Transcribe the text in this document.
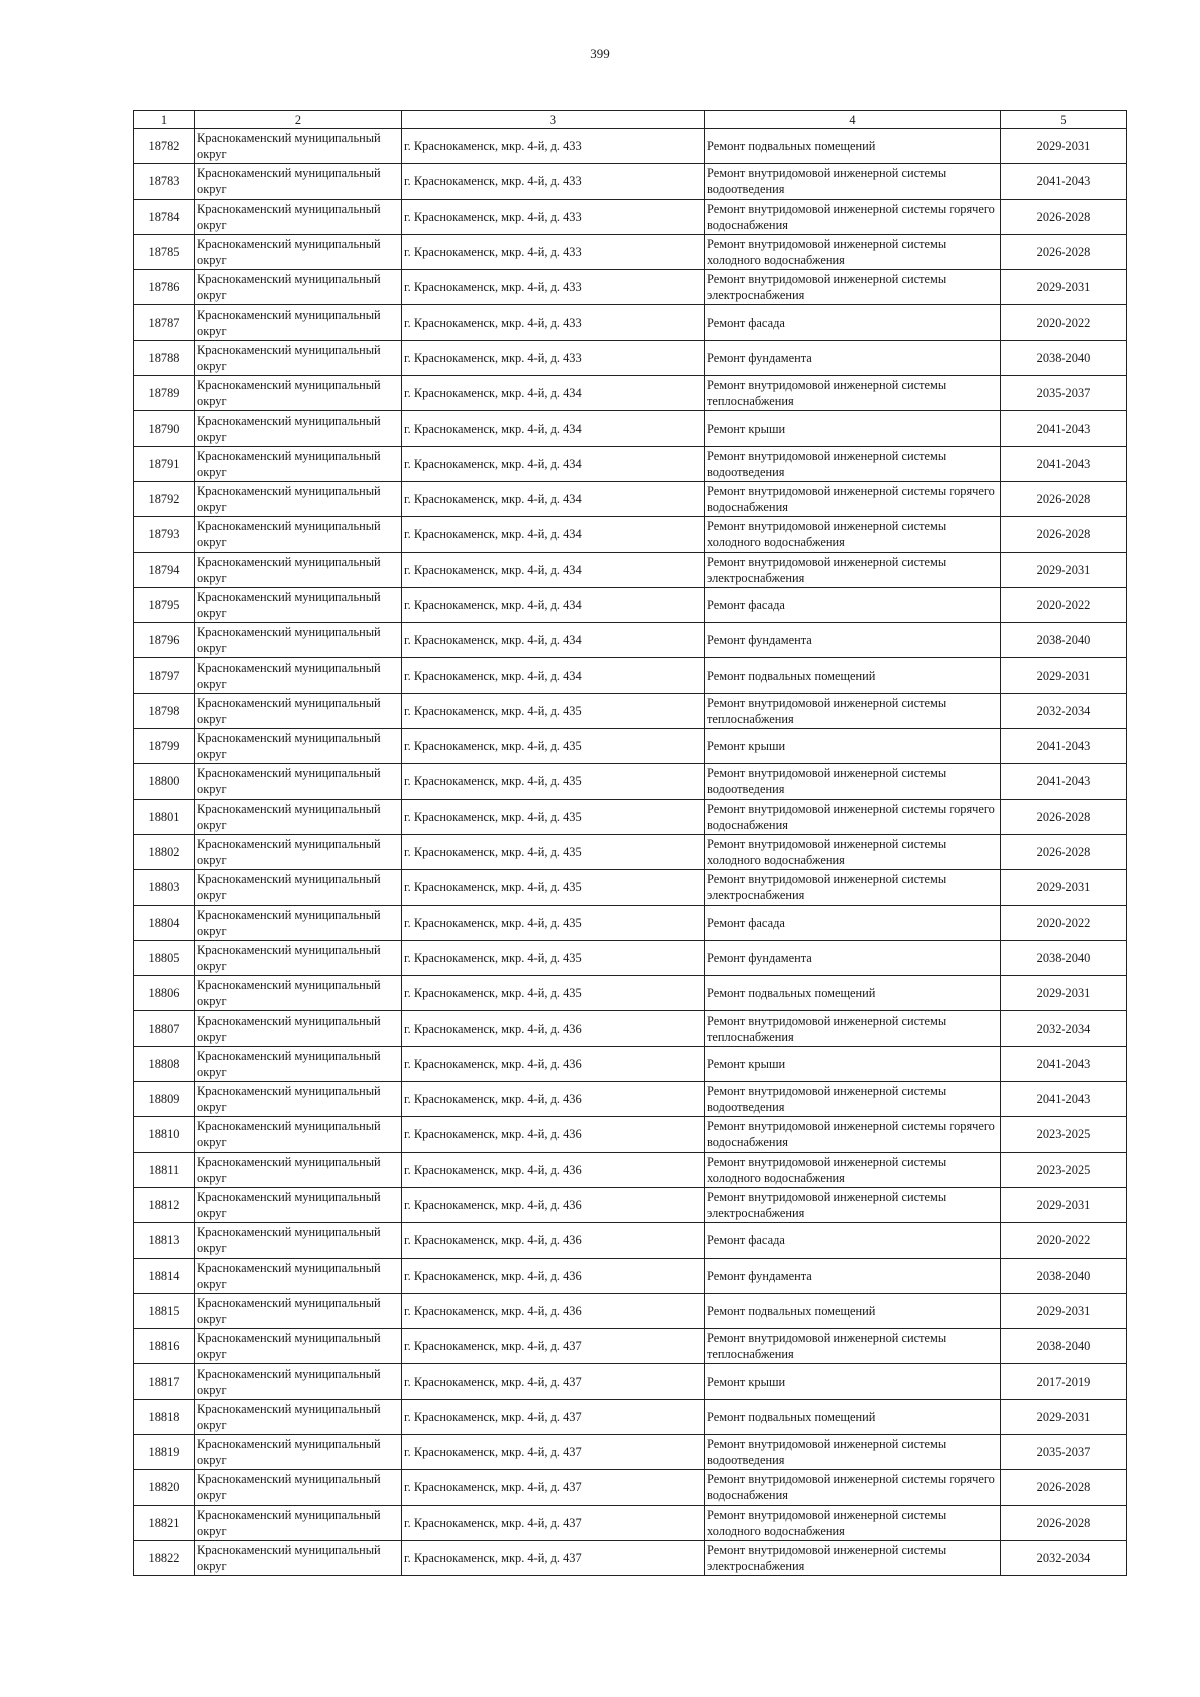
399
1	2	3	4	5
18782	Краснокаменский муниципальный округ	г. Краснокаменск, мкр. 4-й, д. 433	Ремонт подвальных помещений	2029-2031
18783	Краснокаменский муниципальный округ	г. Краснокаменск, мкр. 4-й, д. 433	Ремонт внутридомовой инженерной системы водоотведения	2041-2043
18784	Краснокаменский муниципальный округ	г. Краснокаменск, мкр. 4-й, д. 433	Ремонт внутридомовой инженерной системы горячего водоснабжения	2026-2028
18785	Краснокаменский муниципальный округ	г. Краснокаменск, мкр. 4-й, д. 433	Ремонт внутридомовой инженерной системы холодного водоснабжения	2026-2028
18786	Краснокаменский муниципальный округ	г. Краснокаменск, мкр. 4-й, д. 433	Ремонт внутридомовой инженерной системы электроснабжения	2029-2031
18787	Краснокаменский муниципальный округ	г. Краснокаменск, мкр. 4-й, д. 433	Ремонт фасада	2020-2022
18788	Краснокаменский муниципальный округ	г. Краснокаменск, мкр. 4-й, д. 433	Ремонт фундамента	2038-2040
18789	Краснокаменский муниципальный округ	г. Краснокаменск, мкр. 4-й, д. 434	Ремонт внутридомовой инженерной системы теплоснабжения	2035-2037
18790	Краснокаменский муниципальный округ	г. Краснокаменск, мкр. 4-й, д. 434	Ремонт крыши	2041-2043
18791	Краснокаменский муниципальный округ	г. Краснокаменск, мкр. 4-й, д. 434	Ремонт внутридомовой инженерной системы водоотведения	2041-2043
18792	Краснокаменский муниципальный округ	г. Краснокаменск, мкр. 4-й, д. 434	Ремонт внутридомовой инженерной системы горячего водоснабжения	2026-2028
18793	Краснокаменский муниципальный округ	г. Краснокаменск, мкр. 4-й, д. 434	Ремонт внутридомовой инженерной системы холодного водоснабжения	2026-2028
18794	Краснокаменский муниципальный округ	г. Краснокаменск, мкр. 4-й, д. 434	Ремонт внутридомовой инженерной системы электроснабжения	2029-2031
18795	Краснокаменский муниципальный округ	г. Краснокаменск, мкр. 4-й, д. 434	Ремонт фасада	2020-2022
18796	Краснокаменский муниципальный округ	г. Краснокаменск, мкр. 4-й, д. 434	Ремонт фундамента	2038-2040
18797	Краснокаменский муниципальный округ	г. Краснокаменск, мкр. 4-й, д. 434	Ремонт подвальных помещений	2029-2031
18798	Краснокаменский муниципальный округ	г. Краснокаменск, мкр. 4-й, д. 435	Ремонт внутридомовой инженерной системы теплоснабжения	2032-2034
18799	Краснокаменский муниципальный округ	г. Краснокаменск, мкр. 4-й, д. 435	Ремонт крыши	2041-2043
18800	Краснокаменский муниципальный округ	г. Краснокаменск, мкр. 4-й, д. 435	Ремонт внутридомовой инженерной системы водоотведения	2041-2043
18801	Краснокаменский муниципальный округ	г. Краснокаменск, мкр. 4-й, д. 435	Ремонт внутридомовой инженерной системы горячего водоснабжения	2026-2028
18802	Краснокаменский муниципальный округ	г. Краснокаменск, мкр. 4-й, д. 435	Ремонт внутридомовой инженерной системы холодного водоснабжения	2026-2028
18803	Краснокаменский муниципальный округ	г. Краснокаменск, мкр. 4-й, д. 435	Ремонт внутридомовой инженерной системы электроснабжения	2029-2031
18804	Краснокаменский муниципальный округ	г. Краснокаменск, мкр. 4-й, д. 435	Ремонт фасада	2020-2022
18805	Краснокаменский муниципальный округ	г. Краснокаменск, мкр. 4-й, д. 435	Ремонт фундамента	2038-2040
18806	Краснокаменский муниципальный округ	г. Краснокаменск, мкр. 4-й, д. 435	Ремонт подвальных помещений	2029-2031
18807	Краснокаменский муниципальный округ	г. Краснокаменск, мкр. 4-й, д. 436	Ремонт внутридомовой инженерной системы теплоснабжения	2032-2034
18808	Краснокаменский муниципальный округ	г. Краснокаменск, мкр. 4-й, д. 436	Ремонт крыши	2041-2043
18809	Краснокаменский муниципальный округ	г. Краснокаменск, мкр. 4-й, д. 436	Ремонт внутридомовой инженерной системы водоотведения	2041-2043
18810	Краснокаменский муниципальный округ	г. Краснокаменск, мкр. 4-й, д. 436	Ремонт внутридомовой инженерной системы горячего водоснабжения	2023-2025
18811	Краснокаменский муниципальный округ	г. Краснокаменск, мкр. 4-й, д. 436	Ремонт внутридомовой инженерной системы холодного водоснабжения	2023-2025
18812	Краснокаменский муниципальный округ	г. Краснокаменск, мкр. 4-й, д. 436	Ремонт внутридомовой инженерной системы электроснабжения	2029-2031
18813	Краснокаменский муниципальный округ	г. Краснокаменск, мкр. 4-й, д. 436	Ремонт фасада	2020-2022
18814	Краснокаменский муниципальный округ	г. Краснокаменск, мкр. 4-й, д. 436	Ремонт фундамента	2038-2040
18815	Краснокаменский муниципальный округ	г. Краснокаменск, мкр. 4-й, д. 436	Ремонт подвальных помещений	2029-2031
18816	Краснокаменский муниципальный округ	г. Краснокаменск, мкр. 4-й, д. 437	Ремонт внутридомовой инженерной системы теплоснабжения	2038-2040
18817	Краснокаменский муниципальный округ	г. Краснокаменск, мкр. 4-й, д. 437	Ремонт крыши	2017-2019
18818	Краснокаменский муниципальный округ	г. Краснокаменск, мкр. 4-й, д. 437	Ремонт подвальных помещений	2029-2031
18819	Краснокаменский муниципальный округ	г. Краснокаменск, мкр. 4-й, д. 437	Ремонт внутридомовой инженерной системы водоотведения	2035-2037
18820	Краснокаменский муниципальный округ	г. Краснокаменск, мкр. 4-й, д. 437	Ремонт внутридомовой инженерной системы горячего водоснабжения	2026-2028
18821	Краснокаменский муниципальный округ	г. Краснокаменск, мкр. 4-й, д. 437	Ремонт внутридомовой инженерной системы холодного водоснабжения	2026-2028
18822	Краснокаменский муниципальный округ	г. Краснокаменск, мкр. 4-й, д. 437	Ремонт внутридомовой инженерной системы электроснабжения	2032-2034
